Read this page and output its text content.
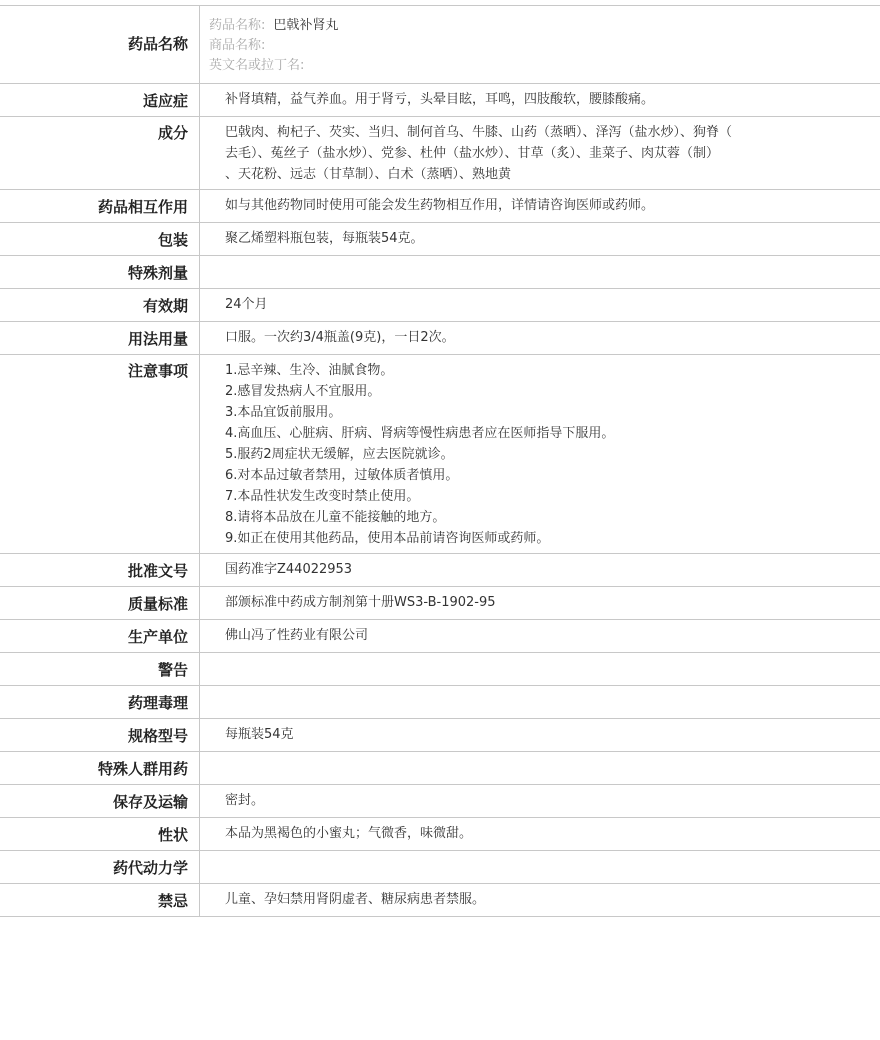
药品名称
药品名称: 巴戟补肾丸
商品名称:
英文名或拉丁名:
适应症	补肾填精，益气养血。用于肾亏，头晕目眩，耳鸣，四肢酸软，腰膝酸痛。
成分	巴戟肉、枸杞子、芡实、当归、制何首乌、牛膝、山药（蒸晒）、泽泻（盐水炒）、狗脊（
去毛）、菟丝子（盐水炒）、党参、杜仲（盐水炒）、甘草（炙）、韭菜子、肉苁蓉（制）
、天花粉、远志（甘草制）、白术（蒸晒）、熟地黄
药品相互作用	如与其他药物同时使用可能会发生药物相互作用，详情请咨询医师或药师。
包装	聚乙烯塑料瓶包装，每瓶装54克。
特殊剂量
有效期	24个月
用法用量	口服。一次约3/4瓶盖(9克)，一日2次。
注意事项	1.忌辛辣、生冷、油腻食物。
2.感冒发热病人不宜服用。
3.本品宜饭前服用。
4.高血压、心脏病、肝病、肾病等慢性病患者应在医师指导下服用。
5.服药2周症状无缓解，应去医院就诊。
6.对本品过敏者禁用，过敏体质者慎用。
7.本品性状发生改变时禁止使用。
8.请将本品放在儿童不能接触的地方。
9.如正在使用其他药品，使用本品前请咨询医师或药师。
批准文号	国药准字Z44022953
质量标准	部颁标准中药成方制剂第十册WS3-B-1902-95
生产单位	佛山冯了性药业有限公司
警告
药理毒理
规格型号	每瓶装54克
特殊人群用药
保存及运输	密封。
性状	本品为黑褐色的小蜜丸；气微香，味微甜。
药代动力学
禁忌	儿童、孕妇禁用肾阴虚者、糖尿病患者禁服。
